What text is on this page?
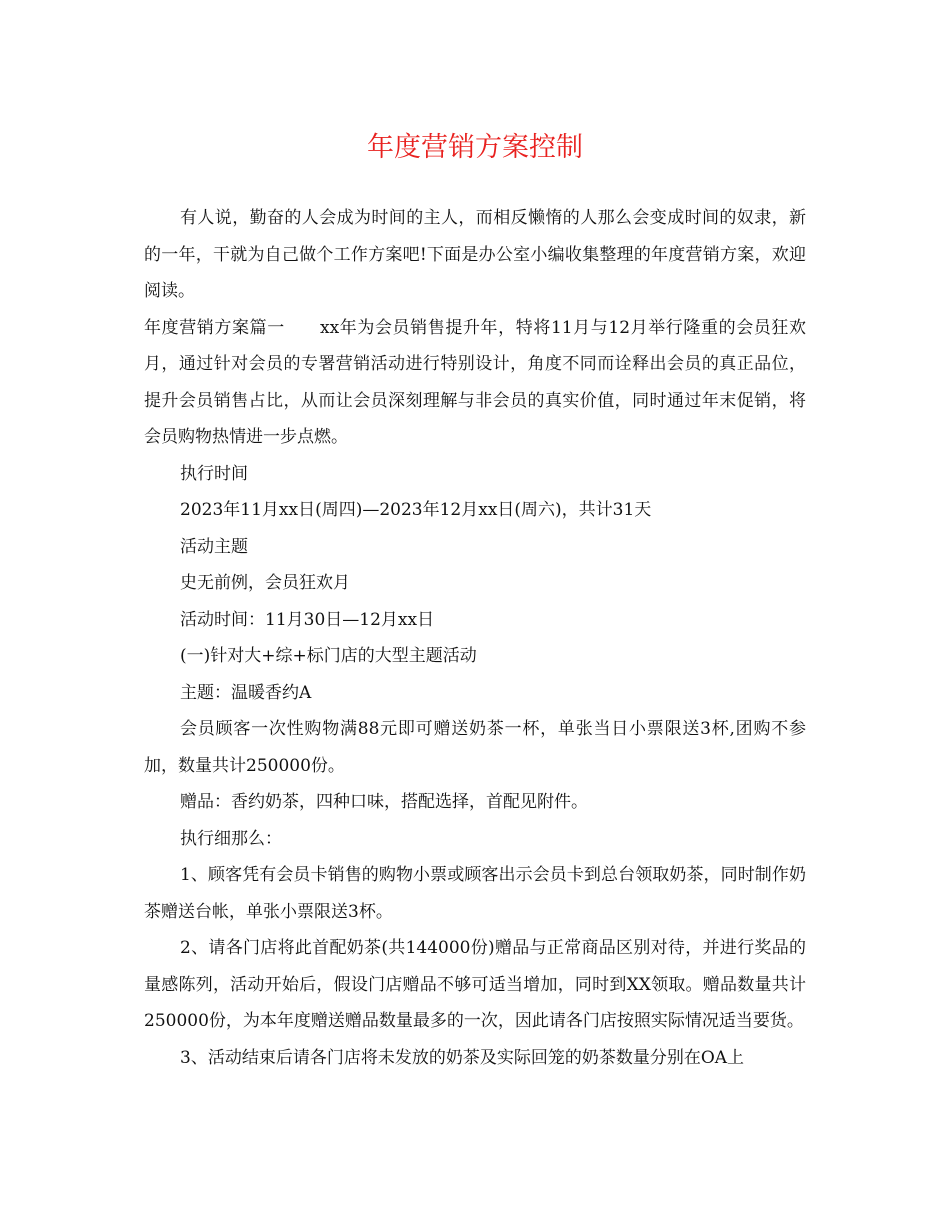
年度营销方案控制

有人说，勤奋的人会成为时间的主人，而相反懒惰的人那么会变成时间的奴隶，新的一年，干就为自己做个工作方案吧!下面是办公室小编收集整理的年度营销方案，欢迎阅读。

年度营销方案篇一　　xx年为会员销售提升年，特将11月与12月举行隆重的会员狂欢月，通过针对会员的专署营销活动进行特别设计，角度不同而诠释出会员的真正品位，提升会员销售占比，从而让会员深刻理解与非会员的真实价值，同时通过年末促销，将会员购物热情进一步点燃。

执行时间

2023年11月xx日(周四)—2023年12月xx日(周六)，共计31天

活动主题

史无前例，会员狂欢月

活动时间：11月30日—12月xx日

(一)针对大+综+标门店的大型主题活动

主题：温暖香约A

会员顾客一次性购物满88元即可赠送奶茶一杯，单张当日小票限送3杯,团购不参加，数量共计250000份。

赠品：香约奶茶，四种口味，搭配选择，首配见附件。

执行细那么：

1、顾客凭有会员卡销售的购物小票或顾客出示会员卡到总台领取奶茶，同时制作奶茶赠送台帐，单张小票限送3杯。

2、请各门店将此首配奶茶(共144000份)赠品与正常商品区别对待，并进行奖品的量感陈列，活动开始后，假设门店赠品不够可适当增加，同时到XX领取。赠品数量共计250000份，为本年度赠送赠品数量最多的一次，因此请各门店按照实际情况适当要货。

3、活动结束后请各门店将未发放的奶茶及实际回笼的奶茶数量分别在OA上
